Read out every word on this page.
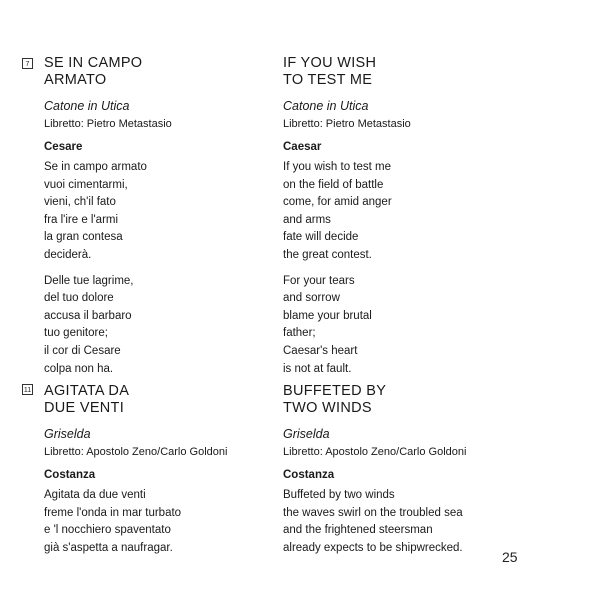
7
11
SE IN CAMPO
ARMATO
Catone in Utica
Libretto: Pietro Metastasio
Cesare
Se in campo armato
vuoi cimentarmi,
vieni, ch'il fato
fra l'ire e l'armi
la gran contesa
deciderà.
Delle tue lagrime,
del tuo dolore
accusa il barbaro
tuo genitore;
il cor di Cesare
colpa non ha.
AGITATA DA
DUE VENTI
Griselda
Libretto: Apostolo Zeno/Carlo Goldoni
Costanza
Agitata da due venti
freme l'onda in mar turbato
e 'l nocchiero spaventato
già s'aspetta a naufragar.
IF YOU WISH
TO TEST ME
Catone in Utica
Libretto: Pietro Metastasio
Caesar
If you wish to test me
on the field of battle
come, for amid anger
and arms
fate will decide
the great contest.
For your tears
and sorrow
blame your brutal
father;
Caesar's heart
is not at fault.
BUFFETED BY
TWO WINDS
Griselda
Libretto: Apostolo Zeno/Carlo Goldoni
Costanza
Buffeted by two winds
the waves swirl on the troubled sea
and the frightened steersman
already expects to be shipwrecked.
25
